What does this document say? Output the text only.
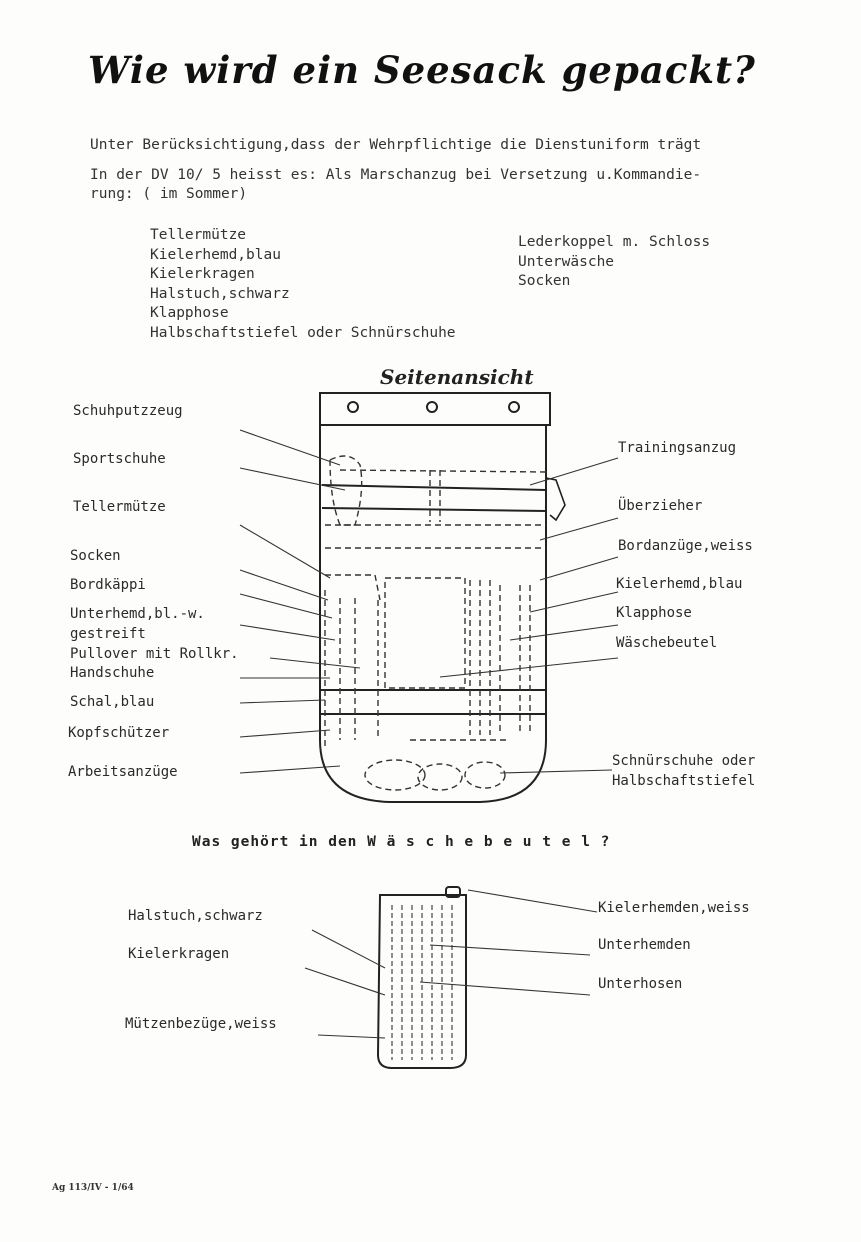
Wie wird ein Seesack gepackt?
Unter Berücksichtigung,dass der Wehrpflichtige die Dienstuniform trägt
In der DV 10/ 5 heisst es: Als Marschanzug bei Versetzung u.Kommandie-
rung: ( im Sommer)
Tellermütze
Kielerhemd,blau
Kielerkragen
Halstuch,schwarz
Klapphose
Halbschaftstiefel oder Schnürschuhe
Lederkoppel m. Schloss
Unterwäsche
Socken
Seitenansicht
Schuhputzzeug
Sportschuhe
Tellermütze
Socken
Bordkäppi
Unterhemd,bl.-w.
gestreift
Pullover mit Rollkr.
Handschuhe
Schal,blau
Kopfschützer
Arbeitsanzüge
Trainingsanzug
Überzieher
Bordanzüge,weiss
Kielerhemd,blau
Klapphose
Wäschebeutel
Schnürschuhe oder
Halbschaftstiefel
Was gehört in den W ä s c h e b e u t e l ?
Halstuch,schwarz
Kielerkragen
Mützenbezüge,weiss
Kielerhemden,weiss
Unterhemden
Unterhosen
Ag 113/IV - 1/64
